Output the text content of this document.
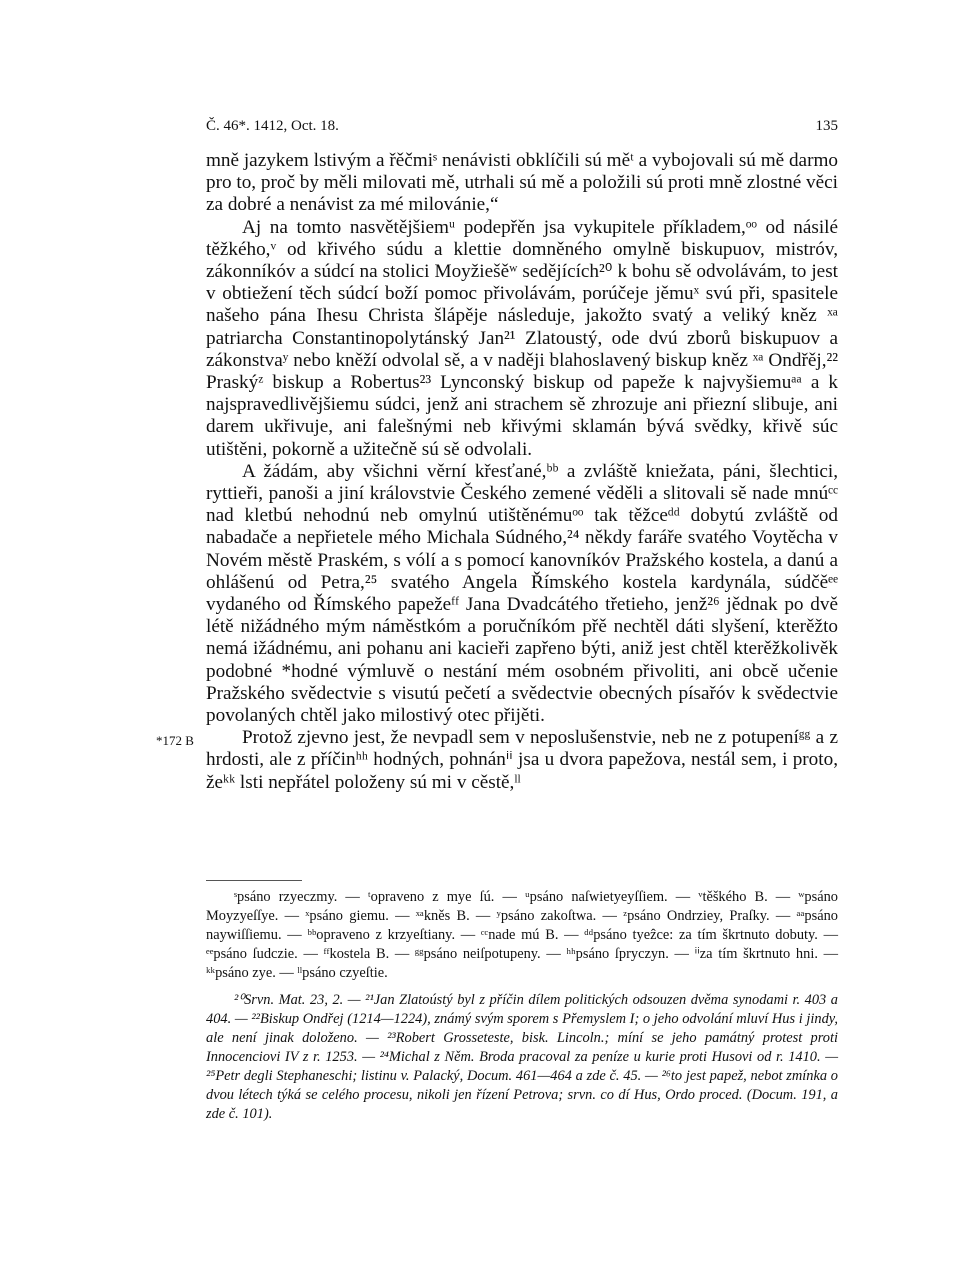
Č. 46*. 1412, Oct. 18.	135

mně jazykem lstivým a řěčmiˢ nenávisti obklíčili sú měᵗ a vybojovali sú mě darmo pro to, proč by měli milovati mě, utrhali sú mě a položili sú proti mně zlostné věci za dobré a nenávist za mé milovánie,“

Aj na tomto nasvětějšiemᵘ podepřěn jsa vykupitele příkladem,ᵒᵒ od násilé těžkého,ᵛ od křivého súdu a klettie domněného omylně biskupuov, mistróv, zákonníkóv a súdcí na stolici Moyžiešěʷ sedějících²⁰ k bohu sě odvolávám, to jest v obtiežení těch súdcí boží pomoc přivolávám, porúčeje jěmuˣ svú při, spasitele našeho pána Ihesu Christa šlápěje následuje, jakožto svatý a veliký kněz ˣᵃ patriarcha Constantinopolytánský Jan²¹ Zlatoustý, ode dvú zborů biskupuov a zákonstvaʸ nebo kněží odvolal sě, a v naději blahoslavený biskup kněz ˣᵃ Ondřěj,²² Praskýᶻ biskup a Robertus²³ Lynconský biskup od papeže k najvyšiemuᵃᵃ a k najspravedlivějšiemu súdci, jenž ani strachem sě zhrozuje ani přiezní slibuje, ani darem ukřivuje, ani falešnými neb křivými sklamán bývá svědky, křivě súc utištěni, pokorně a užitečně sú sě odvolali.

A žádám, aby všichni věrní křesťané,ᵇᵇ a zvláště kniežata, páni, šlechtici, ryttieři, panoši a jiní královstvie Českého zemené věděli a slitovali sě nade mnúᶜᶜ nad kletbú nehodnú neb omylnú utištěnémuᵒᵒ tak těžceᵈᵈ dobytú zvláště od nabadače a nepřietele mého Michala Súdného,²⁴ někdy faráře svatého Voytěcha v Novém městě Praském, s vólí a s pomocí kanovníkóv Pražského kostela, a danú a ohlášenú od Petra,²⁵ svatého Angela Římského kostela kardynála, súdčěᵉᵉ vydaného od Římského papežeᶠᶠ Jana Dvadcátého třetieho, jenž²⁶ jědnak po dvě létě nižádného mým náměstkóm a poručníkóm přě nechtěl dáti slyšení, kterěžto nemá ižádnému, ani pohanu ani kacieři zapřeno býti, aniž jest chtěl kterěžkolivěk podobné *hodné výmluvě o nestání mém osobném přivoliti, ani obcě učenie Pražského svědectvie s visutú pečetí a svědectvie obecných písařóv k svědectvie povolaných chtěl jako milostivý otec přijěti.

Protož zjevno jest, že nevpadl sem v neposlušenstvie, neb ne z potupeníᵍᵍ a z hrdosti, ale z příčinʰʰ hodných, pohnánⁱⁱ jsa u dvora papežova, nestál sem, i proto, žeᵏᵏ lsti nepřátel položeny sú mi v cěstě,ˡˡ

*172 B

ˢpsáno rzyeczmy. — ᵗopraveno z mye ſú. — ᵘpsáno naſwietyeyſſiem. — ᵛtěškého B. — ʷpsáno Moyzyeſſye. — ˣpsáno giemu. — ˣᵃkněs B. — ʸpsáno zakoſtwa. — ᶻpsáno Ondrziey, Praſky. — ᵃᵃpsáno naywiſſiemu. — ᵇᵇopraveno z krzyeſtiany. — ᶜᶜnade mú B. — ᵈᵈpsáno tyeẑce: za tím škrtnuto dobuty. — ᵉᵉpsáno ſudczie. — ᶠᶠkostela B. — ᵍᵍpsáno neiſpotupeny. — ʰʰpsáno ſpryczyn. — ⁱⁱza tím škrtnuto hni. — ᵏᵏpsáno zye. — ˡˡpsáno czyeſtie.

²⁰Srvn. Mat. 23, 2. — ²¹Jan Zlatoústý byl z příčin dílem politických odsouzen dvěma synodami r. 403 a 404. — ²²Biskup Ondřej (1214—1224), známý svým sporem s Přemyslem I; o jeho odvolání mluví Hus i jindy, ale není jinak doloženo. — ²³Robert Grosseteste, bisk. Lincoln.; míní se jeho památný protest proti Innocenciovi IV z r. 1253. — ²⁴Michal z Něm. Broda pracoval za peníze u kurie proti Husovi od r. 1410. — ²⁵Petr degli Stephaneschi; listinu v. Palacký, Docum. 461—464 a zde č. 45. — ²⁶to jest papež, nebot zmínka o dvou létech týká se celého procesu, nikoli jen řízení Petrova; srvn. co dí Hus, Ordo proced. (Docum. 191, a zde č. 101).
